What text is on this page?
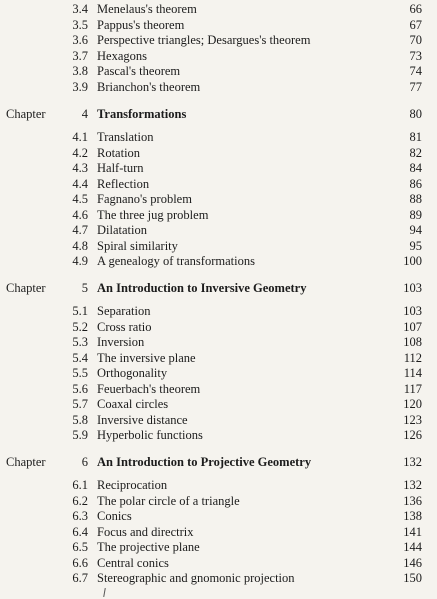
3.4 Menelaus's theorem	66
3.5 Pappus's theorem	67
3.6 Perspective triangles; Desargues's theorem	70
3.7 Hexagons	73
3.8 Pascal's theorem	74
3.9 Brianchon's theorem	77
Chapter	4 Transformations	80
4.1 Translation	81
4.2 Rotation	82
4.3 Half-turn	84
4.4 Reflection	86
4.5 Fagnano's problem	88
4.6 The three jug problem	89
4.7 Dilatation	94
4.8 Spiral similarity	95
4.9 A genealogy of transformations	100
Chapter	5 An Introduction to Inversive Geometry	103
5.1 Separation	103
5.2 Cross ratio	107
5.3 Inversion	108
5.4 The inversive plane	112
5.5 Orthogonality	114
5.6 Feuerbach's theorem	117
5.7 Coaxal circles	120
5.8 Inversive distance	123
5.9 Hyperbolic functions	126
Chapter	6 An Introduction to Projective Geometry	132
6.1 Reciprocation	132
6.2 The polar circle of a triangle	136
6.3 Conics	138
6.4 Focus and directrix	141
6.5 The projective plane	144
6.6 Central conics	146
6.7 Stereographic and gnomonic projection	150
